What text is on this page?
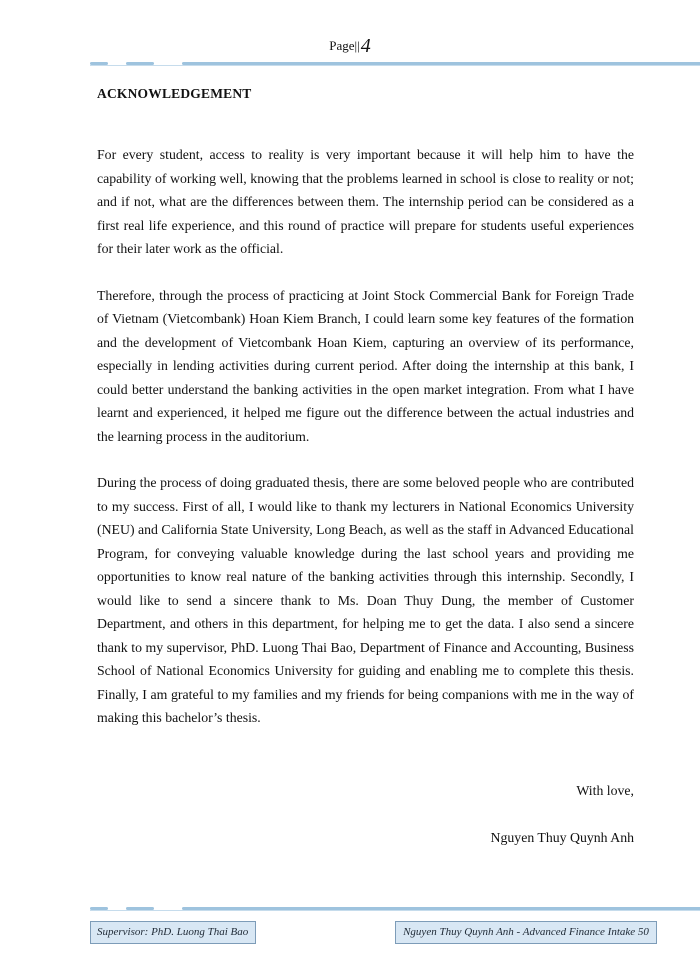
Page||4
ACKNOWLEDGEMENT

For every student, access to reality is very important because it will help him to have the capability of working well, knowing that the problems learned in school is close to reality or not; and if not, what are the differences between them. The internship period can be considered as a first real life experience, and this round of practice will prepare for students useful experiences for their later work as the official.

Therefore, through the process of practicing at Joint Stock Commercial Bank for Foreign Trade of Vietnam (Vietcombank) Hoan Kiem Branch, I could learn some key features of the formation and the development of Vietcombank Hoan Kiem, capturing an overview of its performance, especially in lending activities during current period. After doing the internship at this bank, I could better understand the banking activities in the open market integration. From what I have learnt and experienced, it helped me figure out the difference between the actual industries and the learning process in the auditorium.

During the process of doing graduated thesis, there are some beloved people who are contributed to my success. First of all, I would like to thank my lecturers in National Economics University (NEU) and California State University, Long Beach, as well as the staff in Advanced Educational Program, for conveying valuable knowledge during the last school years and providing me opportunities to know real nature of the banking activities through this internship. Secondly, I would like to send a sincere thank to Ms. Doan Thuy Dung, the member of Customer Department, and others in this department, for helping me to get the data. I also send a sincere thank to my supervisor, PhD. Luong Thai Bao, Department of Finance and Accounting, Business School of National Economics University for guiding and enabling me to complete this thesis. Finally, I am grateful to my families and my friends for being companions with me in the way of making this bachelor’s thesis.

With love,
Nguyen Thuy Quynh Anh
Supervisor: PhD. Luong Thai Bao	Nguyen Thuy Quynh Anh - Advanced Finance Intake 50
